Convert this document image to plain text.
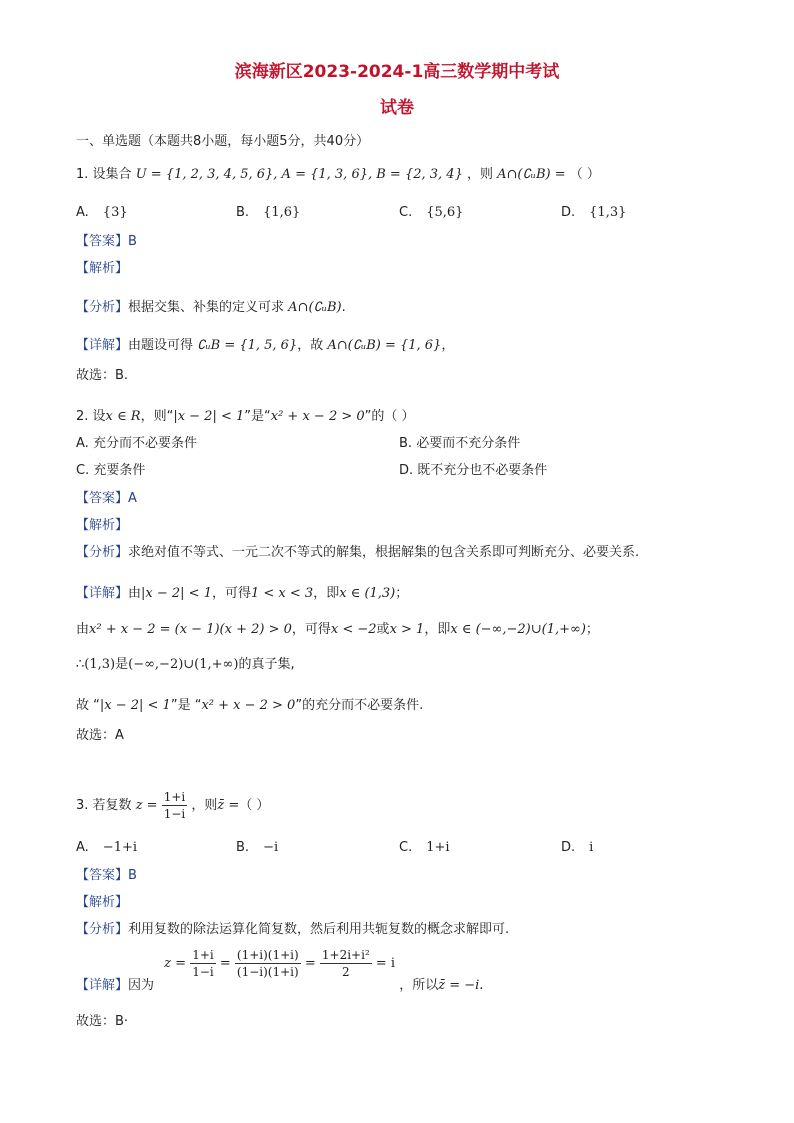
滨海新区2023-2024-1高三数学期中考试
试卷
一、单选题（本题共8小题，每小题5分，共40分）
1. 设集合 U = {1, 2, 3, 4, 5, 6}, A = {1, 3, 6}, B = {2, 3, 4} ，则 A∩(∁ᵤB) = （ ）
A. {3}	B. {1,6}	C. {5,6}	D. {1,3}
【答案】B
【解析】
【分析】根据交集、补集的定义可求 A∩(∁ᵤB).
【详解】由题设可得 ∁ᵤB = {1, 5, 6}，故 A∩(∁ᵤB) = {1, 6}，
故选：B.
2. 设x ∈ R，则“|x − 2| < 1”是“x² + x − 2 > 0”的（ ）
A. 充分而不必要条件	B. 必要而不充分条件
C. 充要条件	D. 既不充分也不必要条件
【答案】A
【解析】
【分析】求绝对值不等式、一元二次不等式的解集，根据解集的包含关系即可判断充分、必要关系.
【详解】由|x − 2| < 1，可得1 < x < 3，即x ∈ (1,3)；
由x² + x − 2 = (x − 1)(x + 2) > 0，可得x < −2或x > 1，即x ∈ (−∞,−2)∪(1,+∞)；
∴(1,3)是(−∞,−2)∪(1,+∞)的真子集,
故 “|x − 2| < 1”是 “x² + x − 2 > 0”的充分而不必要条件.
故选：A
3. 若复数 $z = \frac{1+i}{1-i}$ ，则z̄ =（ ）
A. −1+i	B. −i	C. 1+i	D. i
【答案】B
【解析】
【分析】利用复数的除法运算化简复数，然后利用共轭复数的概念求解即可.
【详解】因为 $z = \frac{1+i}{1-i} = \frac{(1+i)(1+i)}{(1-i)(1+i)} = \frac{\text{1+2i+i²}}{2} = i$ ，所以z̄ = −i.
故选：B·
